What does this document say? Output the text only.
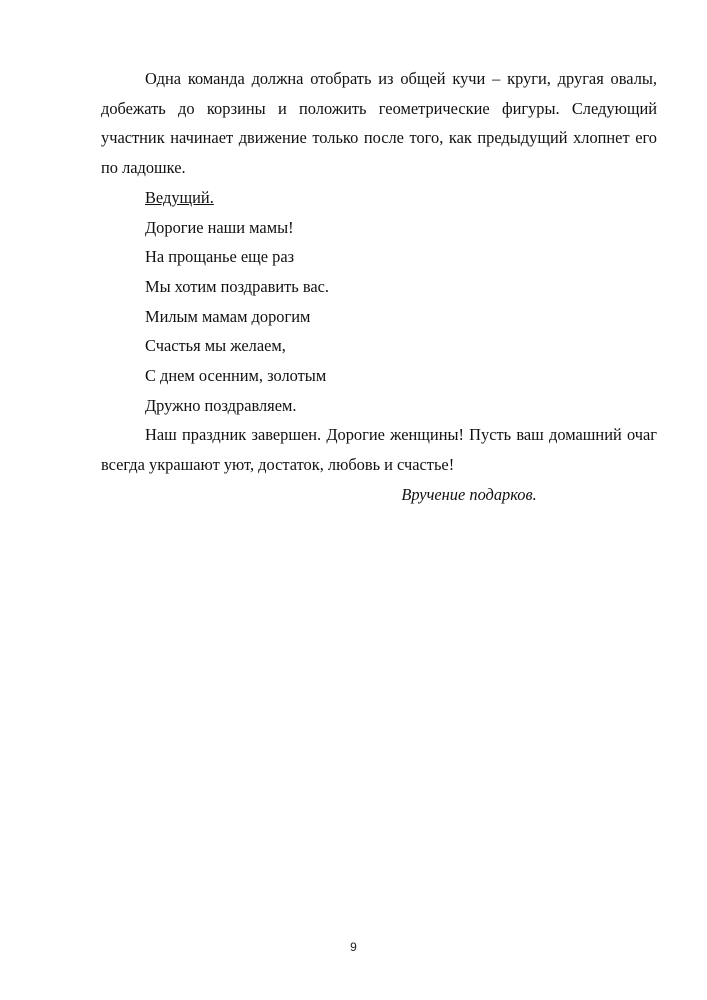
Одна команда должна отобрать из общей кучи – круги, другая овалы, добежать до корзины и положить геометрические фигуры. Следующий участник начинает движение только после того, как предыдущий хлопнет его по ладошке.

Ведущий.

Дорогие наши мамы!

На прощанье еще раз

Мы хотим поздравить вас.

Милым мамам дорогим

Счастья мы желаем,

С днем осенним, золотым

Дружно поздравляем.

Наш праздник завершен. Дорогие женщины! Пусть ваш домашний очаг всегда украшают уют, достаток, любовь и счастье!

Вручение подарков.

9
